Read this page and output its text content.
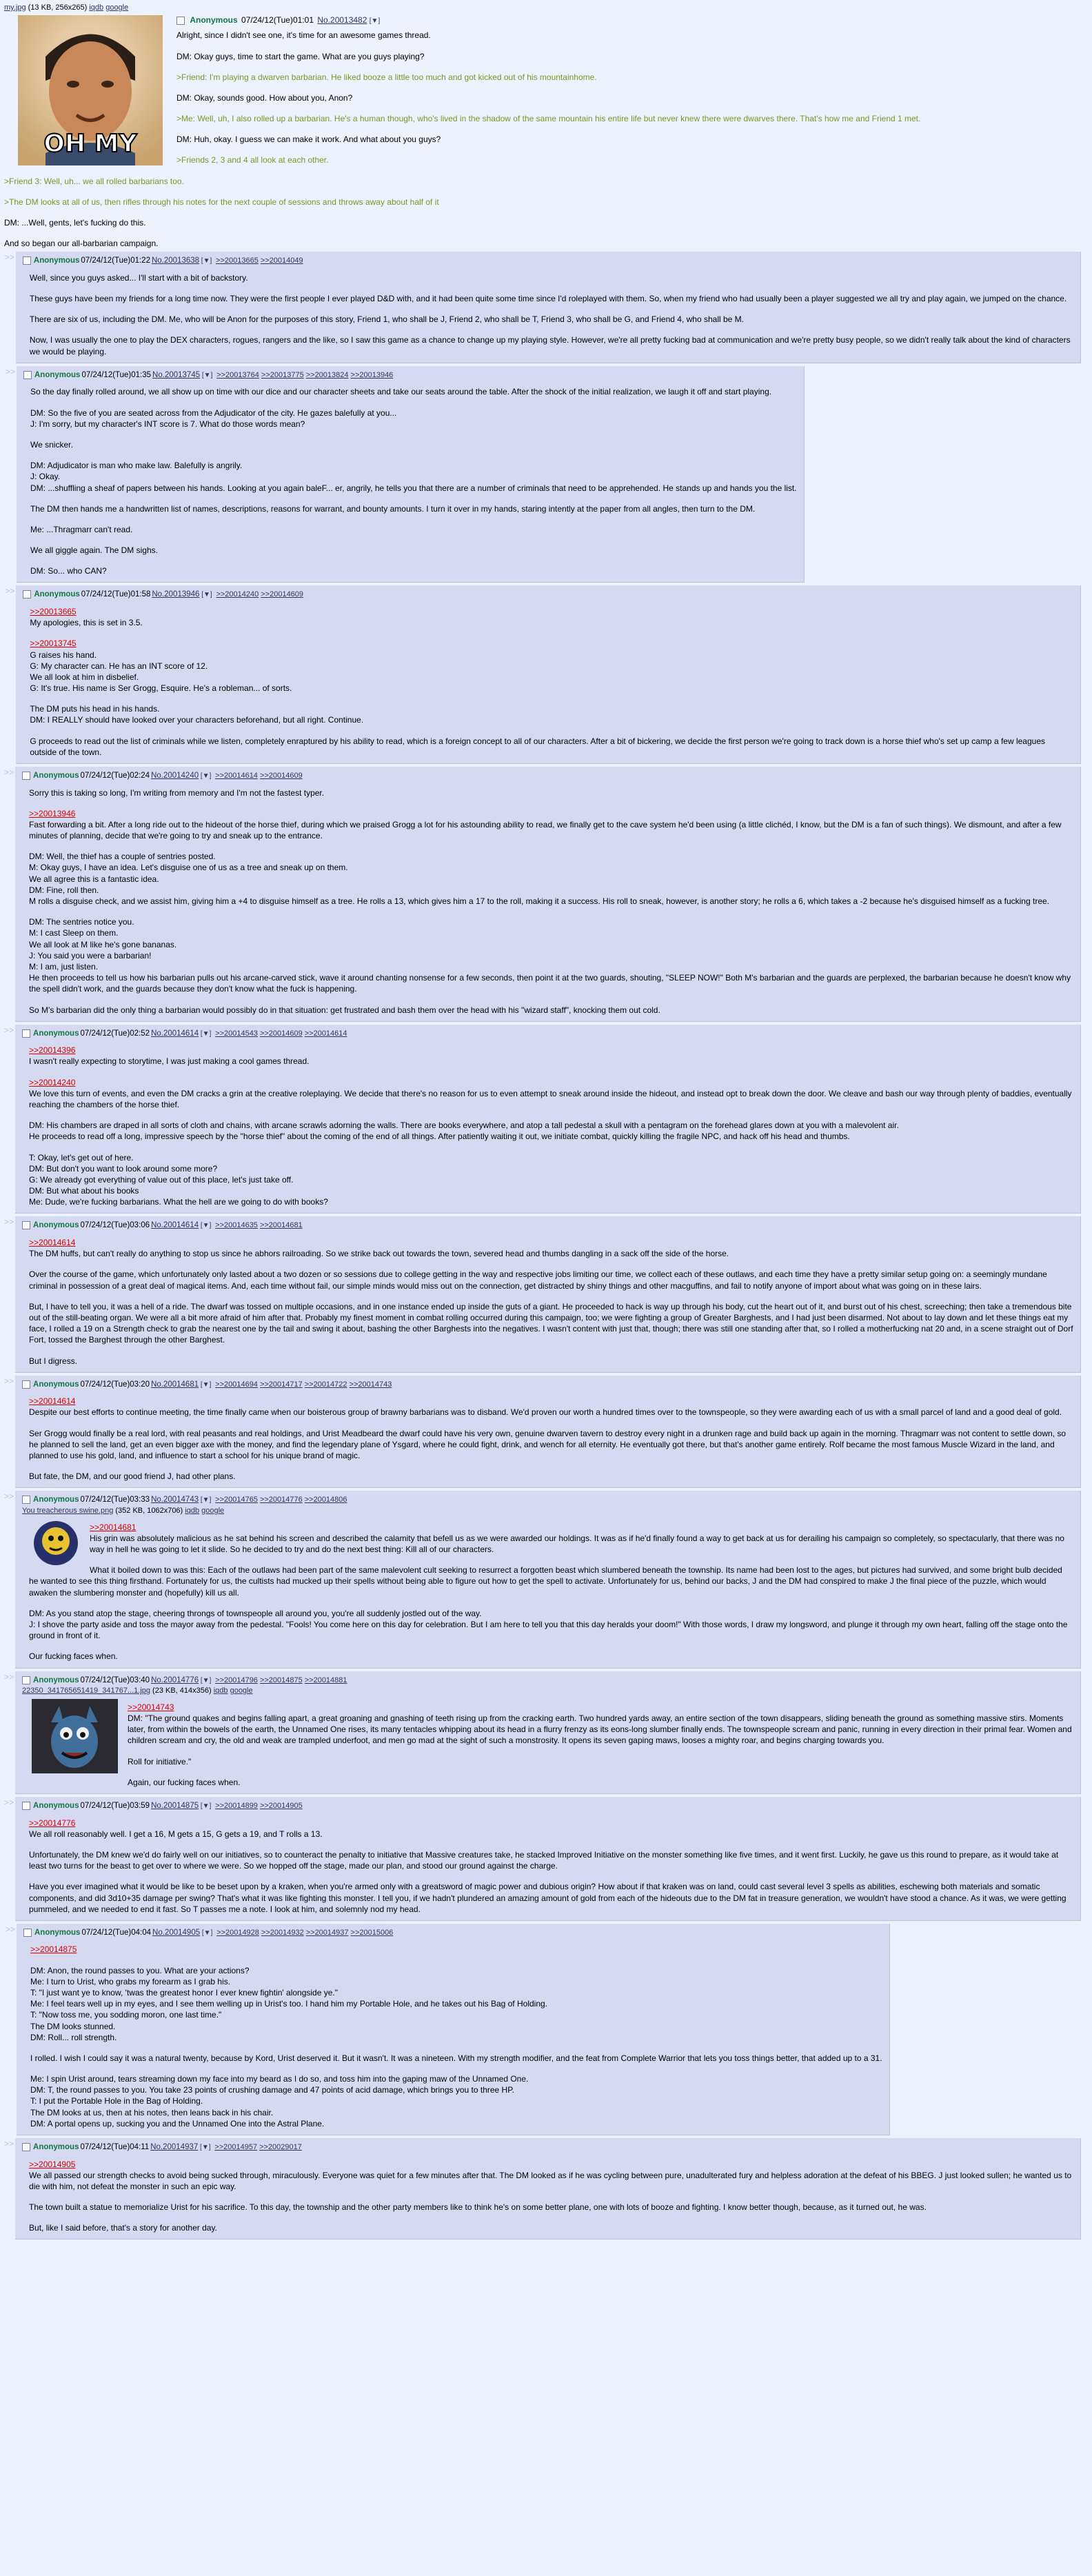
my.jpg (13 KB, 256x265) iqdb google
OH MY
Anonymous 07/24/12(Tue)01:01 No.20013482 [▼]
Alright, since I didn't see one, it's time for an awesome games thread.
DM: Okay guys, time to start the game. What are you guys playing?
>Friend: I'm playing a dwarven barbarian. He liked booze a little too much and got kicked out of his mountainhome.
DM: Okay, sounds good. How about you, Anon?
>Me: Well, uh, I also rolled up a barbarian. He's a human though, who's lived in the shadow of the same mountain his entire life but never knew there were dwarves there. That's how me and Friend 1 met.
DM: Huh, okay. I guess we can make it work. And what about you guys?
>Friends 2, 3 and 4 all look at each other.
>Friend 3: Well, uh... we all rolled barbarians too.
>The DM looks at all of us, then rifles through his notes for the next couple of sessions and throws away about half of it
DM: ...Well, gents, let's fucking do this.
And so began our all-barbarian campaign.
>>	Anonymous 07/24/12(Tue)01:22 No.20013638 [▼] >>20013665 >>20014049
Well, since you guys asked... I'll start with a bit of backstory.
These guys have been my friends for a long time now. They were the first people I ever played D&D with, and it had been quite some time since I'd roleplayed with them. So, when my friend who had usually been a player suggested we all try and play again, we jumped on the chance.
There are six of us, including the DM. Me, who will be Anon for the purposes of this story, Friend 1, who shall be J, Friend 2, who shall be T, Friend 3, who shall be G, and Friend 4, who shall be M.
Now, I was usually the one to play the DEX characters, rogues, rangers and the like, so I saw this game as a chance to change up my playing style. However, we're all pretty fucking bad at communication and we're pretty busy people, so we didn't really talk about the kind of characters we would be playing.
>>	Anonymous 07/24/12(Tue)01:35 No.20013745 [▼] >>20013764 >>20013775 >>20013824 >>20013946
So the day finally rolled around, we all show up on time with our dice and our character sheets and take our seats around the table. After the shock of the initial realization, we laugh it off and start playing.
DM: So the five of you are seated across from the Adjudicator of the city. He gazes balefully at you...
J: I'm sorry, but my character's INT score is 7. What do those words mean?
We snicker.
DM: Adjudicator is man who make law. Balefully is angrily.
J: Okay.
DM: ...shuffling a sheaf of papers between his hands. Looking at you again baleF... er, angrily, he tells you that there are a number of criminals that need to be apprehended. He stands up and hands you the list.
The DM then hands me a handwritten list of names, descriptions, reasons for warrant, and bounty amounts. I turn it over in my hands, staring intently at the paper from all angles, then turn to the DM.
Me: ...Thragmarr can't read.
We all giggle again. The DM sighs.
DM: So... who CAN?
>>	Anonymous 07/24/12(Tue)01:58 No.20013946 [▼] >>20014240 >>20014609
>>20013665
My apologies, this is set in 3.5.
>>20013745
G raises his hand.
G: My character can. He has an INT score of 12.
We all look at him in disbelief.
G: It's true. His name is Ser Grogg, Esquire. He's a robleman... of sorts.
The DM puts his head in his hands.
DM: I REALLY should have looked over your characters beforehand, but all right. Continue.
G proceeds to read out the list of criminals while we listen, completely enraptured by his ability to read, which is a foreign concept to all of our characters. After a bit of bickering, we decide the first person we're going to track down is a horse thief who's set up camp a few leagues outside of the town.
>>	Anonymous 07/24/12(Tue)02:24 No.20014240 [▼] >>20014614 >>20014609
Sorry this is taking so long, I'm writing from memory and I'm not the fastest typer.
>>20013946
Fast forwarding a bit. After a long ride out to the hideout of the horse thief, during which we praised Grogg a lot for his astounding ability to read, we finally get to the cave system he'd been using (a little clichéd, I know, but the DM is a fan of such things). We dismount, and after a few minutes of planning, decide that we're going to try and sneak up to the entrance.
DM: Well, the thief has a couple of sentries posted.
M: Okay guys, I have an idea. Let's disguise one of us as a tree and sneak up on them.
We all agree this is a fantastic idea.
DM: Fine, roll then.
M rolls a disguise check, and we assist him, giving him a +4 to disguise himself as a tree. He rolls a 13, which gives him a 17 to the roll, making it a success. His roll to sneak, however, is another story; he rolls a 6, which takes a -2 because he's disguised himself as a fucking tree.
DM: The sentries notice you.
M: I cast Sleep on them.
We all look at M like he's gone bananas.
J: You said you were a barbarian!
M: I am, just listen.
He then proceeds to tell us how his barbarian pulls out his arcane-carved stick, wave it around chanting nonsense for a few seconds, then point it at the two guards, shouting, "SLEEP NOW!" Both M's barbarian and the guards are perplexed, the barbarian because he doesn't know why the spell didn't work, and the guards because they don't know what the fuck is happening.
So M's barbarian did the only thing a barbarian would possibly do in that situation: get frustrated and bash them over the head with his "wizard staff", knocking them out cold.
>>	Anonymous 07/24/12(Tue)02:52 No.20014614 [▼] >>20014543 >>20014609 >>20014614
>>20014396
I wasn't really expecting to storytime, I was just making a cool games thread.
>>20014240
We love this turn of events, and even the DM cracks a grin at the creative roleplaying. We decide that there's no reason for us to even attempt to sneak around inside the hideout, and instead opt to break down the door. We cleave and bash our way through plenty of baddies, eventually reaching the chambers of the horse thief.
DM: His chambers are draped in all sorts of cloth and chains, with arcane scrawls adorning the walls. There are books everywhere, and atop a tall pedestal a skull with a pentagram on the forehead glares down at you with a malevolent air.
He proceeds to read off a long, impressive speech by the "horse thief" about the coming of the end of all things. After patiently waiting it out, we initiate combat, quickly killing the fragile NPC, and hack off his head and thumbs.
T: Okay, let's get out of here.
DM: But don't you want to look around some more?
G: We already got everything of value out of this place, let's just take off.
DM: But what about his books
Me: Dude, we're fucking barbarians. What the hell are we going to do with books?
>>	Anonymous 07/24/12(Tue)03:06 No.20014614 [▼] >>20014635 >>20014681
>>20014614
The DM huffs, but can't really do anything to stop us since he abhors railroading. So we strike back out towards the town, severed head and thumbs dangling in a sack off the side of the horse.
Over the course of the game, which unfortunately only lasted about a two dozen or so sessions due to college getting in the way and respective jobs limiting our time, we collect each of these outlaws, and each time they have a pretty similar setup going on: a seemingly mundane criminal in possession of a great deal of magical items. And, each time without fail, our simple minds would miss out on the connection, get distracted by shiny things and other macguffins, and fail to notify anyone of import about what was going on in these lairs.
But, I have to tell you, it was a hell of a ride. The dwarf was tossed on multiple occasions, and in one instance ended up inside the guts of a giant. He proceeded to hack is way up through his body, cut the heart out of it, and burst out of his chest, screeching; then take a tremendous bite out of the still-beating organ. We were all a bit more afraid of him after that. Probably my finest moment in combat rolling occurred during this campaign, too; we were fighting a group of Greater Barghests, and I had just been disarmed. Not about to lay down and let these things eat my face, I rolled a 19 on a Strength check to grab the nearest one by the tail and swing it about, bashing the other Barghests into the negatives. I wasn't content with just that, though; there was still one standing after that, so I rolled a motherfucking nat 20 and, in a scene straight out of Dorf Fort, tossed the Barghest through the other Barghest.
But I digress.
>>	Anonymous 07/24/12(Tue)03:20 No.20014681 [▼] >>20014694 >>20014717 >>20014722 >>20014743
>>20014614
Despite our best efforts to continue meeting, the time finally came when our boisterous group of brawny barbarians was to disband. We'd proven our worth a hundred times over to the townspeople, so they were awarding each of us with a small parcel of land and a good deal of gold.
Ser Grogg would finally be a real lord, with real peasants and real holdings, and Urist Meadbeard the dwarf could have his very own, genuine dwarven tavern to destroy every night in a drunken rage and build back up again in the morning. Thragmarr was not content to settle down, so he planned to sell the land, get an even bigger axe with the money, and find the legendary plane of Ysgard, where he could fight, drink, and wench for all eternity. He eventually got there, but that's another game entirely. Rolf became the most famous Muscle Wizard in the land, and planned to use his gold, land, and influence to start a school for his unique brand of magic.
But fate, the DM, and our good friend J, had other plans.
>>	Anonymous 07/24/12(Tue)03:33 No.20014743 [▼] >>20014765 >>20014776 >>20014806
You treacherous swine.png (352 KB, 1062x706) iqdb google
>>20014681
His grin was absolutely malicious as he sat behind his screen and described the calamity that befell us as we were awarded our holdings. It was as if he'd finally found a way to get back at us for derailing his campaign so completely, so spectacularly, that there was no way in hell he was going to let it slide. So he decided to try and do the next best thing: Kill all of our characters.
What it boiled down to was this: Each of the outlaws had been part of the same malevolent cult seeking to resurrect a forgotten beast which slumbered beneath the township. Its name had been lost to the ages, but pictures had survived, and some bright bulb decided he wanted to see this thing firsthand. Fortunately for us, the cultists had mucked up their spells without being able to figure out how to get the spell to activate. Unfortunately for us, behind our backs, J and the DM had conspired to make J the final piece of the puzzle, which would awaken the slumbering monster and (hopefully) kill us all.
DM: As you stand atop the stage, cheering throngs of townspeople all around you, you're all suddenly jostled out of the way.
J: I shove the party aside and toss the mayor away from the pedestal. "Fools! You come here on this day for celebration. But I am here to tell you that this day heralds your doom!" With those words, I draw my longsword, and plunge it through my own heart, falling off the stage onto the ground in front of it.
Our fucking faces when.
>>	Anonymous 07/24/12(Tue)03:40 No.20014776 [▼] >>20014796 >>20014875 >>20014881
22350_341765651419_341767...1.jpg (23 KB, 414x356) iqdb google
>>20014743
DM: "The ground quakes and begins falling apart, a great groaning and gnashing of teeth rising up from the cracking earth. Two hundred yards away, an entire section of the town disappears, sliding beneath the ground as something massive stirs. Moments later, from within the bowels of the earth, the Unnamed One rises, its many tentacles whipping about its head in a flurry frenzy as its eons-long slumber finally ends. The townspeople scream and panic, running in every direction in their primal fear. Women and children scream and cry, the old and weak are trampled underfoot, and men go mad at the sight of such a monstrosity. It opens its seven gaping maws, looses a mighty roar, and begins charging towards you.
Roll for initiative."
Again, our fucking faces when.
>>	Anonymous 07/24/12(Tue)03:59 No.20014875 [▼] >>20014899 >>20014905
>>20014776
We all roll reasonably well. I get a 16, M gets a 15, G gets a 19, and T rolls a 13.
Unfortunately, the DM knew we'd do fairly well on our initiatives, so to counteract the penalty to initiative that Massive creatures take, he stacked Improved Initiative on the monster something like five times, and it went first. Luckily, he gave us this round to prepare, as it would take at least two turns for the beast to get over to where we were. So we hopped off the stage, made our plan, and stood our ground against the charge.
Have you ever imagined what it would be like to be beset upon by a kraken, when you're armed only with a greatsword of magic power and dubious origin? How about if that kraken was on land, could cast several level 3 spells as abilities, eschewing both materials and somatic components, and did 3d10+35 damage per swing? That's what it was like fighting this monster. I tell you, if we hadn't plundered an amazing amount of gold from each of the hideouts due to the DM fat in treasure generation, we wouldn't have stood a chance. As it was, we were getting pummeled, and we needed to end it fast. So T passes me a note. I look at him, and solemnly nod my head.
>>	Anonymous 07/24/12(Tue)04:04 No.20014905 [▼] >>20014928 >>20014932 >>20014937 >>20015006
>>20014875
DM: Anon, the round passes to you. What are your actions?
Me: I turn to Urist, who grabs my forearm as I grab his.
T: "I just want ye to know, 'twas the greatest honor I ever knew fightin' alongside ye."
Me: I feel tears well up in my eyes, and I see them welling up in Urist's too. I hand him my Portable Hole, and he takes out his Bag of Holding.
T: "Now toss me, you sodding moron, one last time."
The DM looks stunned.
DM: Roll... roll strength.
I rolled. I wish I could say it was a natural twenty, because by Kord, Urist deserved it. But it wasn't. It was a nineteen. With my strength modifier, and the feat from Complete Warrior that lets you toss things better, that added up to a 31.
Me: I spin Urist around, tears streaming down my face into my beard as I do so, and toss him into the gaping maw of the Unnamed One.
DM: T, the round passes to you. You take 23 points of crushing damage and 47 points of acid damage, which brings you to three HP.
T: I put the Portable Hole in the Bag of Holding.
The DM looks at us, then at his notes, then leans back in his chair.
DM: A portal opens up, sucking you and the Unnamed One into the Astral Plane.
>>	Anonymous 07/24/12(Tue)04:11 No.20014937 [▼] >>20014957 >>20029017
>>20014905
We all passed our strength checks to avoid being sucked through, miraculously. Everyone was quiet for a few minutes after that. The DM looked as if he was cycling between pure, unadulterated fury and helpless adoration at the defeat of his BBEG. J just looked sullen; he wanted us to die with him, not defeat the monster in such an epic way.
The town built a statue to memorialize Urist for his sacrifice. To this day, the township and the other party members like to think he's on some better plane, one with lots of booze and fighting. I know better though, because, as it turned out, he was.
But, like I said before, that's a story for another day.
